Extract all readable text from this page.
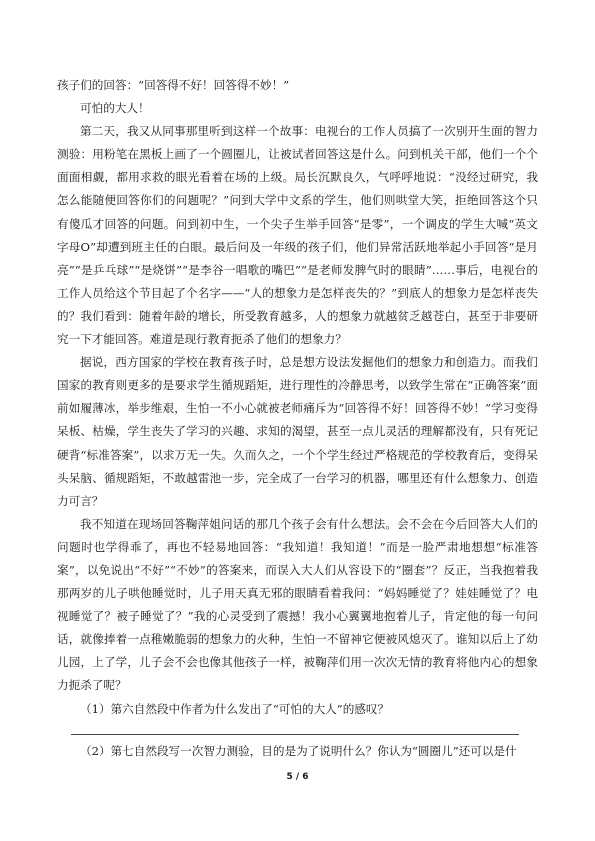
孩子们的回答：“回答得不好！回答得不妙！”

可怕的大人！

第二天，我又从同事那里听到这样一个故事：电视台的工作人员搞了一次别开生面的智力测验：用粉笔在黑板上画了一个圆圈儿，让被试者回答这是什么。问到机关干部，他们一个个面面相觑，都用求救的眼光看着在场的上级。局长沉默良久，气呼呼地说：“没经过研究，我怎么能随便回答你们的问题呢？”问到大学中文系的学生，他们则哄堂大笑，拒绝回答这个只有傻瓜才回答的问题。问到初中生，一个尖子生举手回答“是零”，一个调皮的学生大喊“英文字母O”却遭到班主任的白眼。最后问及一年级的孩子们，他们异常活跃地举起小手回答“是月亮”“是乒乓球”“是烧饼”“是李谷一唱歌的嘴巴”“是老师发脾气时的眼睛”……事后，电视台的工作人员给这个节目起了个名字——“人的想象力是怎样丧失的？”到底人的想象力是怎样丧失的？我们看到：随着年龄的增长，所受教育越多，人的想象力就越贫乏越苍白，甚至于非要研究一下才能回答。难道是现行教育扼杀了他们的想象力？

据说，西方国家的学校在教育孩子时，总是想方设法发掘他们的想象力和创造力。而我们国家的教育则更多的是要求学生循规蹈矩，进行理性的冷静思考，以致学生常在“正确答案”面前如履薄冰，举步维艰，生怕一不小心就被老师痛斥为“回答得不好！回答得不妙！”学习变得呆板、枯燥，学生丧失了学习的兴趣、求知的渴望，甚至一点儿灵活的理解都没有，只有死记硬背“标准答案”，以求万无一失。久而久之，一个个学生经过严格规范的学校教育后，变得呆头呆脑、循规蹈矩，不敢越雷池一步，完全成了一台学习的机器，哪里还有什么想象力、创造力可言？

我不知道在现场回答鞠萍姐问话的那几个孩子会有什么想法。会不会在今后回答大人们的问题时也学得乖了，再也不轻易地回答：“我知道！我知道！”而是一脸严肃地想想“标准答案”，以免说出“不好”“不妙”的答案来，而误入大人们从容设下的“圈套”？反正，当我抱着我那两岁的儿子哄他睡觉时，儿子用天真无邪的眼睛看着我问：“妈妈睡觉了？娃娃睡觉了？电视睡觉了？被子睡觉了？”我的心灵受到了震撼！我小心翼翼地抱着儿子，肯定他的每一句问话，就像捧着一点稚嫩脆弱的想象力的火种，生怕一不留神它便被风熄灭了。谁知以后上了幼儿园，上了学，儿子会不会也像其他孩子一样，被鞠萍们用一次次无情的教育将他内心的想象力扼杀了呢？

（1）第六自然段中作者为什么发出了“可怕的大人”的感叹？

（2）第七自然段写一次智力测验，目的是为了说明什么？你认为“圆圈儿”还可以是什

5 / 6
